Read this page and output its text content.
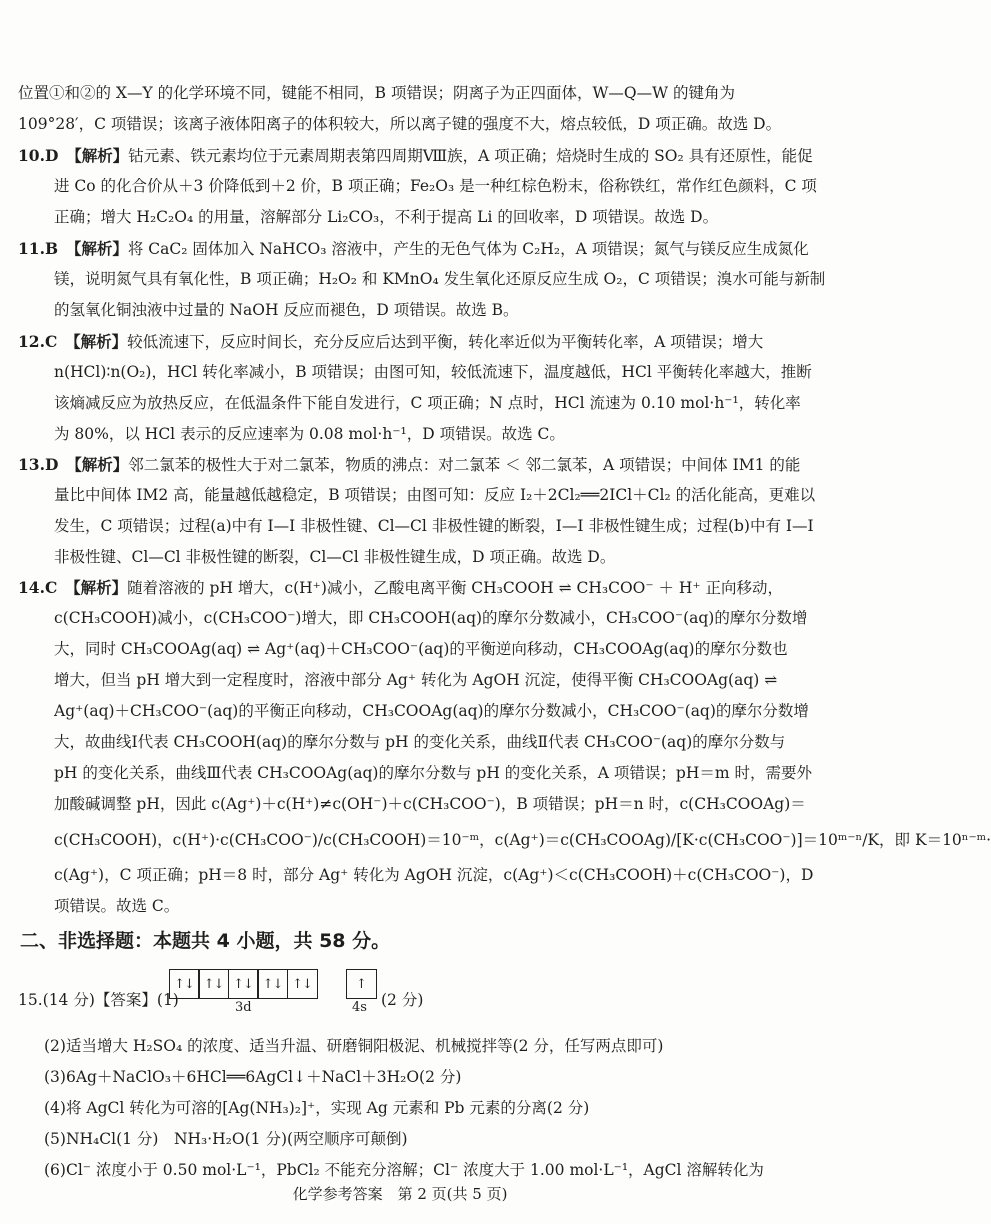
位置①和②的 X—Y 的化学环境不同，键能不相同，B 项错误；阴离子为正四面体，W—Q—W 的键角为

109°28′，C 项错误；该离子液体阳离子的体积较大，所以离子键的强度不大，熔点较低，D 项正确。故选 D。

10.D　 【解析】钴元素、铁元素均位于元素周期表第四周期Ⅷ族，A 项正确；焙烧时生成的 SO₂ 具有还原性，能促

进 Co 的化合价从＋3 价降低到＋2 价，B 项正确；Fe₂O₃ 是一种红棕色粉末，俗称铁红，常作红色颜料，C 项

正确；增大 H₂C₂O₄ 的用量，溶解部分 Li₂CO₃，不利于提高 Li 的回收率，D 项错误。故选 D。

11.B　 【解析】将 CaC₂ 固体加入 NaHCO₃ 溶液中，产生的无色气体为 C₂H₂，A 项错误；氮气与镁反应生成氮化

镁，说明氮气具有氧化性，B 项正确；H₂O₂ 和 KMnO₄ 发生氧化还原反应生成 O₂，C 项错误；溴水可能与新制

的氢氧化铜浊液中过量的 NaOH 反应而褪色，D 项错误。故选 B。

12.C　 【解析】较低流速下，反应时间长，充分反应后达到平衡，转化率近似为平衡转化率，A 项错误；增大

n(HCl)∶n(O₂)，HCl 转化率减小，B 项错误；由图可知，较低流速下，温度越低，HCl 平衡转化率越大，推断

该熵减反应为放热反应，在低温条件下能自发进行，C 项正确；N 点时，HCl 流速为 0.10 mol·h⁻¹，转化率

为 80%，以 HCl 表示的反应速率为 0.08 mol·h⁻¹，D 项错误。故选 C。

13.D　 【解析】邻二氯苯的极性大于对二氯苯，物质的沸点：对二氯苯 ＜ 邻二氯苯，A 项错误；中间体 IM1 的能

量比中间体 IM2 高，能量越低越稳定，B 项错误；由图可知：反应 I₂＋2Cl₂══2ICl＋Cl₂ 的活化能高，更难以

发生，C 项错误；过程(a)中有 I—I 非极性键、Cl—Cl 非极性键的断裂，I—I 非极性键生成；过程(b)中有 I—I

非极性键、Cl—Cl 非极性键的断裂，Cl—Cl 非极性键生成，D 项正确。故选 D。

14.C　 【解析】随着溶液的 pH 增大，c(H⁺)减小，乙酸电离平衡 CH₃COOH ⇌ CH₃COO⁻ ＋ H⁺ 正向移动，

c(CH₃COOH)减小，c(CH₃COO⁻)增大，即 CH₃COOH(aq)的摩尔分数减小，CH₃COO⁻(aq)的摩尔分数增

大，同时 CH₃COOAg(aq) ⇌ Ag⁺(aq)＋CH₃COO⁻(aq)的平衡逆向移动，CH₃COOAg(aq)的摩尔分数也

增大，但当 pH 增大到一定程度时，溶液中部分 Ag⁺ 转化为 AgOH 沉淀，使得平衡 CH₃COOAg(aq) ⇌

Ag⁺(aq)＋CH₃COO⁻(aq)的平衡正向移动，CH₃COOAg(aq)的摩尔分数减小，CH₃COO⁻(aq)的摩尔分数增

大，故曲线Ⅰ代表 CH₃COOH(aq)的摩尔分数与 pH 的变化关系，曲线Ⅱ代表 CH₃COO⁻(aq)的摩尔分数与

pH 的变化关系，曲线Ⅲ代表 CH₃COOAg(aq)的摩尔分数与 pH 的变化关系，A 项错误；pH＝m 时，需要外

加酸碱调整 pH，因此 c(Ag⁺)＋c(H⁺)≠c(OH⁻)＋c(CH₃COO⁻)，B 项错误；pH＝n 时，c(CH₃COOAg)＝

c(CH₃COOH)，c(H⁺)·c(CH₃COO⁻)/c(CH₃COOH)＝10⁻ᵐ，c(Ag⁺)＝c(CH₃COOAg)/[K·c(CH₃COO⁻)]＝10ᵐ⁻ⁿ/K，即 K＝10ⁿ⁻ᵐ·

c(Ag⁺)，C 项正确；pH＝8 时，部分 Ag⁺ 转化为 AgOH 沉淀，c(Ag⁺)＜c(CH₃COOH)＋c(CH₃COO⁻)，D

项错误。故选 C。

二、非选择题：本题共 4 小题，共 58 分。
15.(14 分)【答案】(1)
↑↓ ↑↓ ↑↓ ↑↓ ↑↓
3d
↑
4s (2 分)

(2)适当增大 H₂SO₄ 的浓度、适当升温、研磨铜阳极泥、机械搅拌等(2 分，任写两点即可)

(3)6Ag＋NaClO₃＋6HCl══6AgCl↓＋NaCl＋3H₂O(2 分)

(4)将 AgCl 转化为可溶的[Ag(NH₃)₂]⁺，实现 Ag 元素和 Pb 元素的分离(2 分)

(5)NH₄Cl(1 分)　NH₃·H₂O(1 分)(两空顺序可颠倒)

(6)Cl⁻ 浓度小于 0.50 mol·L⁻¹，PbCl₂ 不能充分溶解；Cl⁻ 浓度大于 1.00 mol·L⁻¹，AgCl 溶解转化为

化学参考答案　第 2 页(共 5 页)
